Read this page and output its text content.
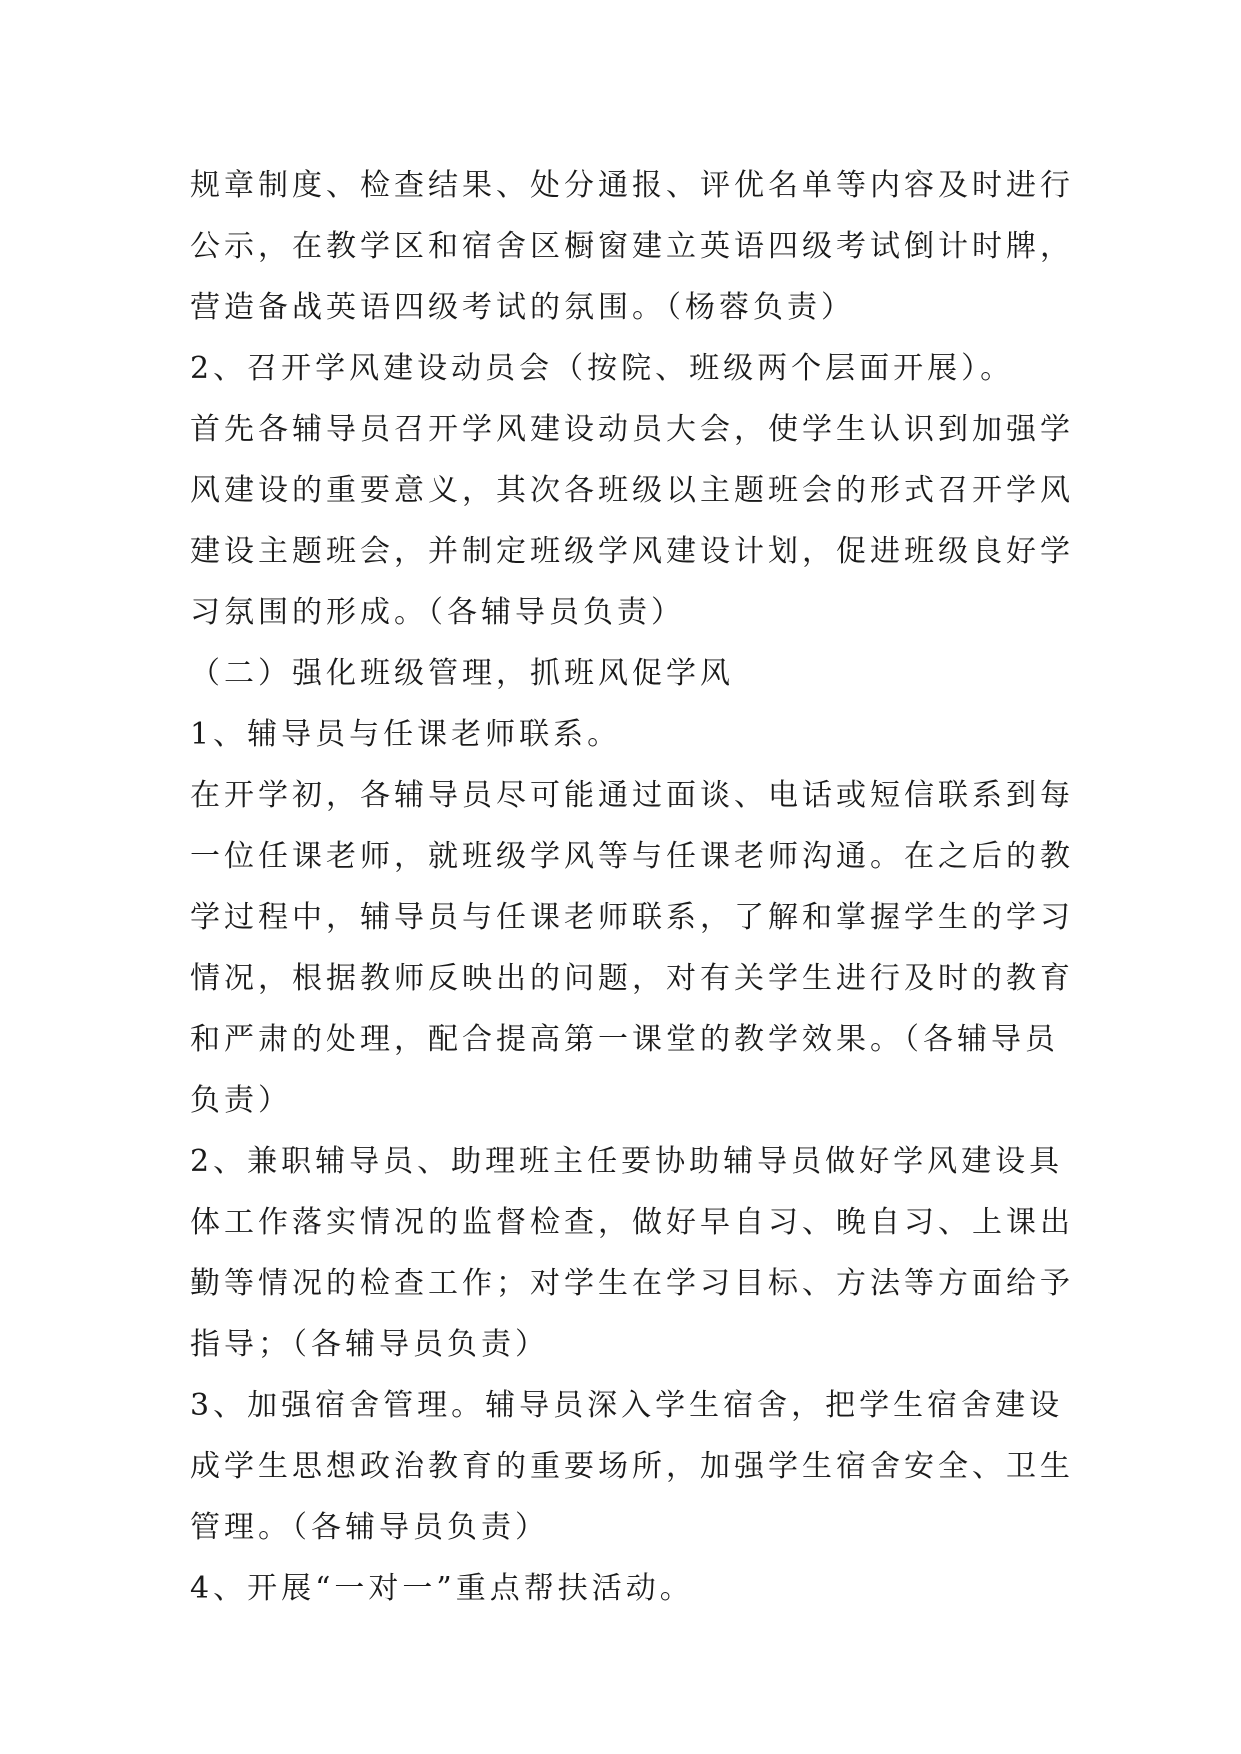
规章制度、检查结果、处分通报、评优名单等内容及时进行
公示，在教学区和宿舍区橱窗建立英语四级考试倒计时牌，
营造备战英语四级考试的氛围。（杨蓉负责）
2、召开学风建设动员会（按院、班级两个层面开展）。
首先各辅导员召开学风建设动员大会，使学生认识到加强学
风建设的重要意义，其次各班级以主题班会的形式召开学风
建设主题班会，并制定班级学风建设计划，促进班级良好学
习氛围的形成。（各辅导员负责）
（二）强化班级管理，抓班风促学风
1、辅导员与任课老师联系。
在开学初，各辅导员尽可能通过面谈、电话或短信联系到每
一位任课老师，就班级学风等与任课老师沟通。在之后的教
学过程中，辅导员与任课老师联系，了解和掌握学生的学习
情况，根据教师反映出的问题，对有关学生进行及时的教育
和严肃的处理，配合提高第一课堂的教学效果。（各辅导员
负责）
2、兼职辅导员、助理班主任要协助辅导员做好学风建设具
体工作落实情况的监督检查，做好早自习、晚自习、上课出
勤等情况的检查工作；对学生在学习目标、方法等方面给予
指导；（各辅导员负责）
3、加强宿舍管理。辅导员深入学生宿舍，把学生宿舍建设
成学生思想政治教育的重要场所，加强学生宿舍安全、卫生
管理。（各辅导员负责）
4、开展“一对一”重点帮扶活动。
